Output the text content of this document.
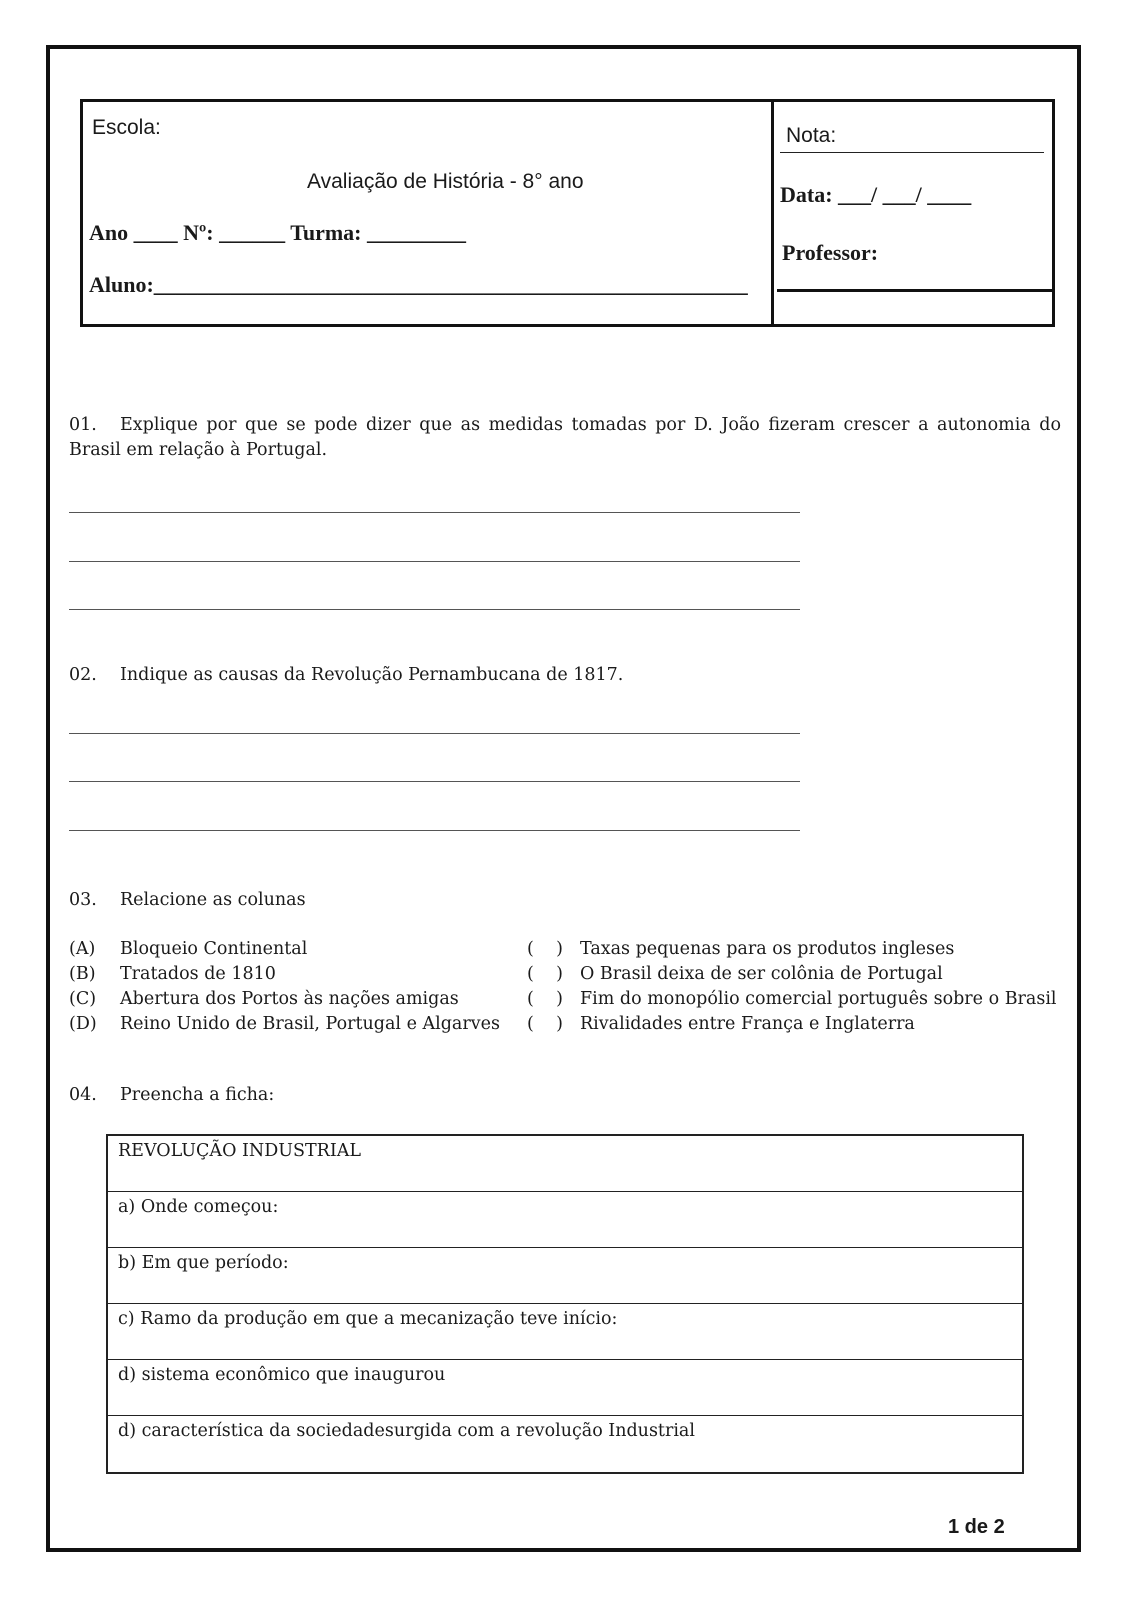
Escola:
Avaliação de História - 8° ano
Ano ____ Nº: ______ Turma: _________
Aluno:______________________________________________________
Nota:
Data: ___/ ___/ ____
Professor:
01. Explique por que se pode dizer que as medidas tomadas por D. João fizeram crescer a autonomia do Brasil em relação à Portugal.
02. Indique as causas da Revolução Pernambucana de 1817.
03. Relacione as colunas
(A) Bloqueio Continental
(B) Tratados de 1810
(C) Abertura dos Portos às nações amigas
(D) Reino Unido de Brasil, Portugal e Algarves
(    ) Taxas pequenas para os produtos ingleses
(    ) O Brasil deixa de ser colônia de Portugal
(    ) Fim do monopólio comercial português sobre o Brasil
(    ) Rivalidades entre França e Inglaterra
04. Preencha a ficha:
REVOLUÇÃO INDUSTRIAL
a) Onde começou:
b) Em que período:
c) Ramo da produção em que a mecanização teve início:
d) sistema econômico que inaugurou
d) característica da sociedadesurgida com a revolução Industrial
1 de 2
